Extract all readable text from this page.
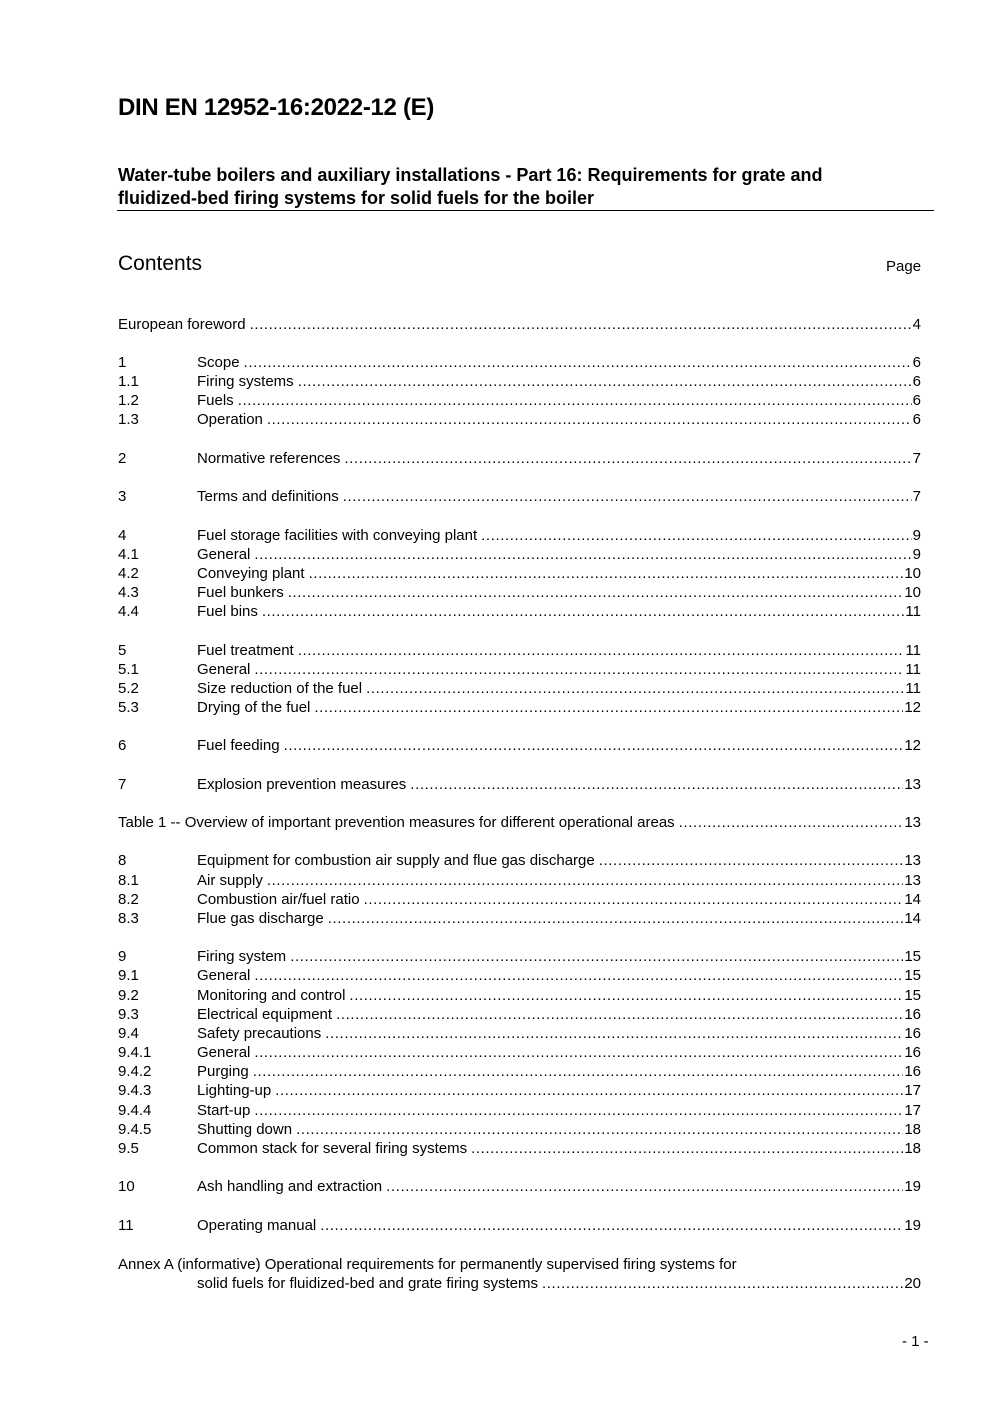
DIN EN 12952-16:2022-12 (E)
Water-tube boilers and auxiliary installations - Part 16: Requirements for grate and
fluidized-bed firing systems for solid fuels for the boiler
Contents	Page
European foreword .....	4
1	Scope .....	6
1.1	Firing systems .....	6
1.2	Fuels .....	6
1.3	Operation .....	6
2	Normative references .....	7
3	Terms and definitions .....	7
4	Fuel storage facilities with conveying plant .....	9
4.1	General .....	9
4.2	Conveying plant .....	10
4.3	Fuel bunkers .....	10
4.4	Fuel bins .....	11
5	Fuel treatment .....	11
5.1	General .....	11
5.2	Size reduction of the fuel .....	11
5.3	Drying of the fuel .....	12
6	Fuel feeding .....	12
7	Explosion prevention measures .....	13
Table 1 -- Overview of important prevention measures for different operational areas .....	13
8	Equipment for combustion air supply and flue gas discharge .....	13
8.1	Air supply .....	13
8.2	Combustion air/fuel ratio .....	14
8.3	Flue gas discharge .....	14
9	Firing system .....	15
9.1	General .....	15
9.2	Monitoring and control .....	15
9.3	Electrical equipment .....	16
9.4	Safety precautions .....	16
9.4.1	General .....	16
9.4.2	Purging .....	16
9.4.3	Lighting-up .....	17
9.4.4	Start-up .....	17
9.4.5	Shutting down .....	18
9.5	Common stack for several firing systems .....	18
10	Ash handling and extraction .....	19
11	Operating manual .....	19
Annex A (informative) Operational requirements for permanently supervised firing systems for
solid fuels for fluidized-bed and grate firing systems .....	20
- 1 -
